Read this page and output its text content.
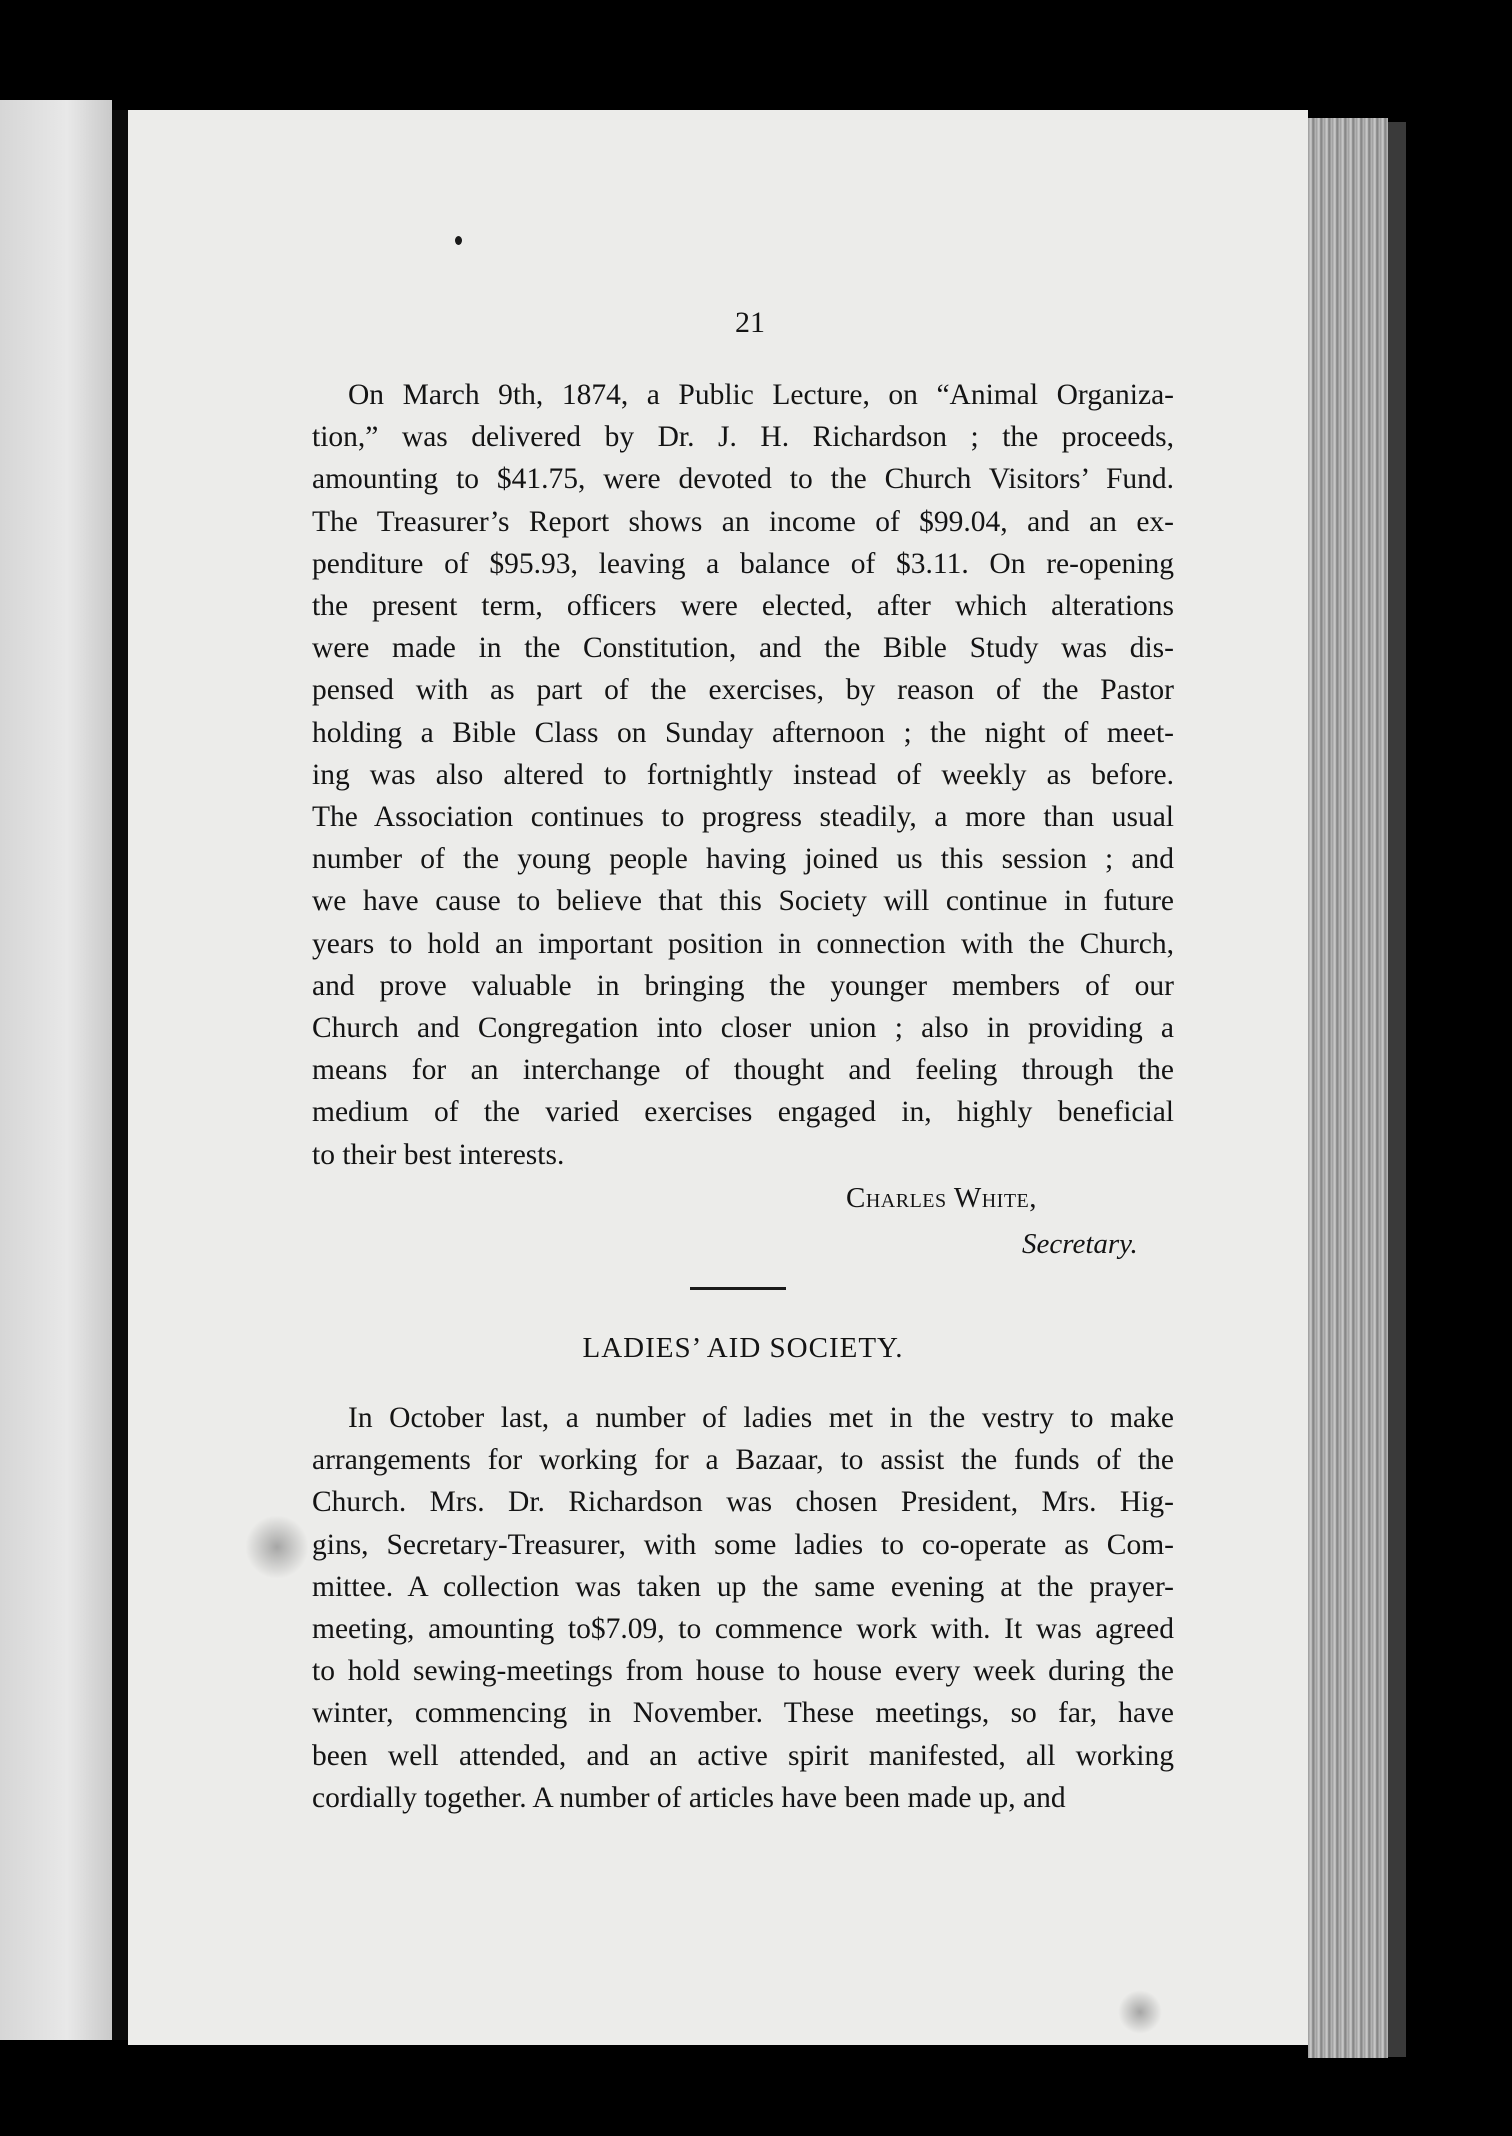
21

On March 9th, 1874, a Public Lecture, on “Animal Organiza-
tion,” was delivered by Dr. J. H. Richardson ; the proceeds,
amounting to $41.75, were devoted to the Church Visitors’ Fund.
The Treasurer’s Report shows an income of $99.04, and an ex-
penditure of $95.93, leaving a balance of $3.11. On re-opening
the present term, officers were elected, after which alterations
were made in the Constitution, and the Bible Study was dis-
pensed with as part of the exercises, by reason of the Pastor
holding a Bible Class on Sunday afternoon ; the night of meet-
ing was also altered to fortnightly instead of weekly as before.
The Association continues to progress steadily, a more than usual
number of the young people having joined us this session ; and
we have cause to believe that this Society will continue in future
years to hold an important position in connection with the Church,
and prove valuable in bringing the younger members of our
Church and Congregation into closer union ; also in providing a
means for an interchange of thought and feeling through the
medium of the varied exercises engaged in, highly beneficial
to their best interests.

Charles White,
Secretary.
LADIES’ AID SOCIETY.

In October last, a number of ladies met in the vestry to make
arrangements for working for a Bazaar, to assist the funds of the
Church. Mrs. Dr. Richardson was chosen President, Mrs. Hig-
gins, Secretary-Treasurer, with some ladies to co-operate as Com-
mittee. A collection was taken up the same evening at the prayer-
meeting, amounting to$7.09, to commence work with. It was agreed
to hold sewing-meetings from house to house every week during the
winter, commencing in November. These meetings, so far, have
been well attended, and an active spirit manifested, all working
cordially together. A number of articles have been made up, and
